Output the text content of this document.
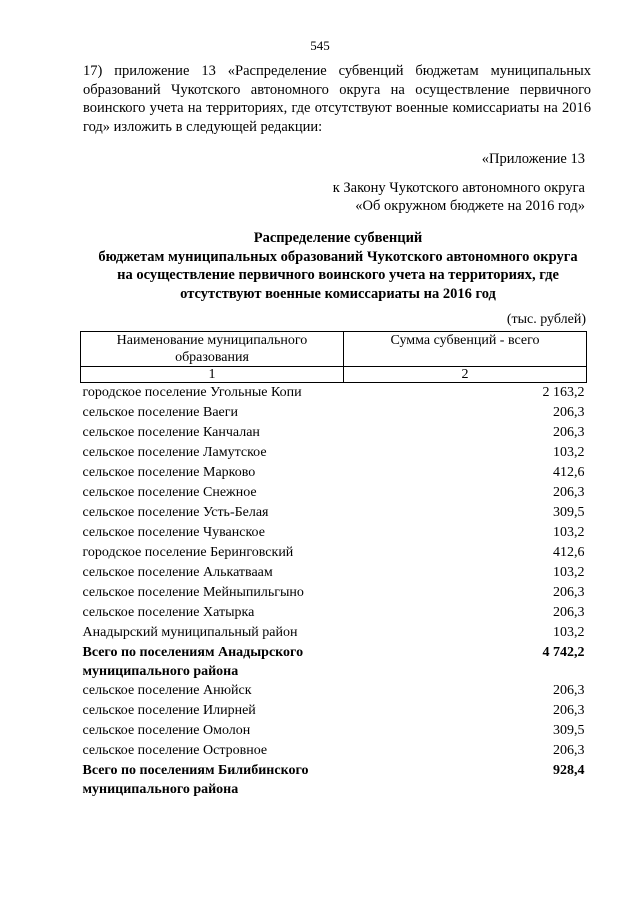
545

17) приложение 13 «Распределение субвенций бюджетам муниципальных образований Чукотского автономного округа на осуществление первичного воинского учета на территориях, где отсутствуют военные комиссариаты на 2016 год» изложить в следующей редакции:

«Приложение 13
к Закону Чукотского автономного округа
«Об окружном бюджете на 2016 год»
Распределение субвенций
бюджетам муниципальных образований Чукотского автономного округа
на осуществление первичного воинского учета на территориях, где
отсутствуют военные комиссариаты на 2016 год
(тыс. рублей)
Наименование муниципального образования	Сумма субвенций - всего
1	2
городское поселение Угольные Копи	2 163,2
сельское поселение Ваеги	206,3
сельское поселение Канчалан	206,3
сельское поселение Ламутское	103,2
сельское поселение Марково	412,6
сельское поселение Снежное	206,3
сельское поселение Усть-Белая	309,5
сельское поселение Чуванское	103,2
городское поселение Беринговский	412,6
сельское поселение Алькатваам	103,2
сельское поселение Мейныпильгыно	206,3
сельское поселение Хатырка	206,3
Анадырский муниципальный район	103,2
Всего по поселениям Анадырского муниципального района	4 742,2
сельское поселение Анюйск	206,3
сельское поселение Илирней	206,3
сельское поселение Омолон	309,5
сельское поселение Островное	206,3
Всего по поселениям Билибинского муниципального района	928,4
